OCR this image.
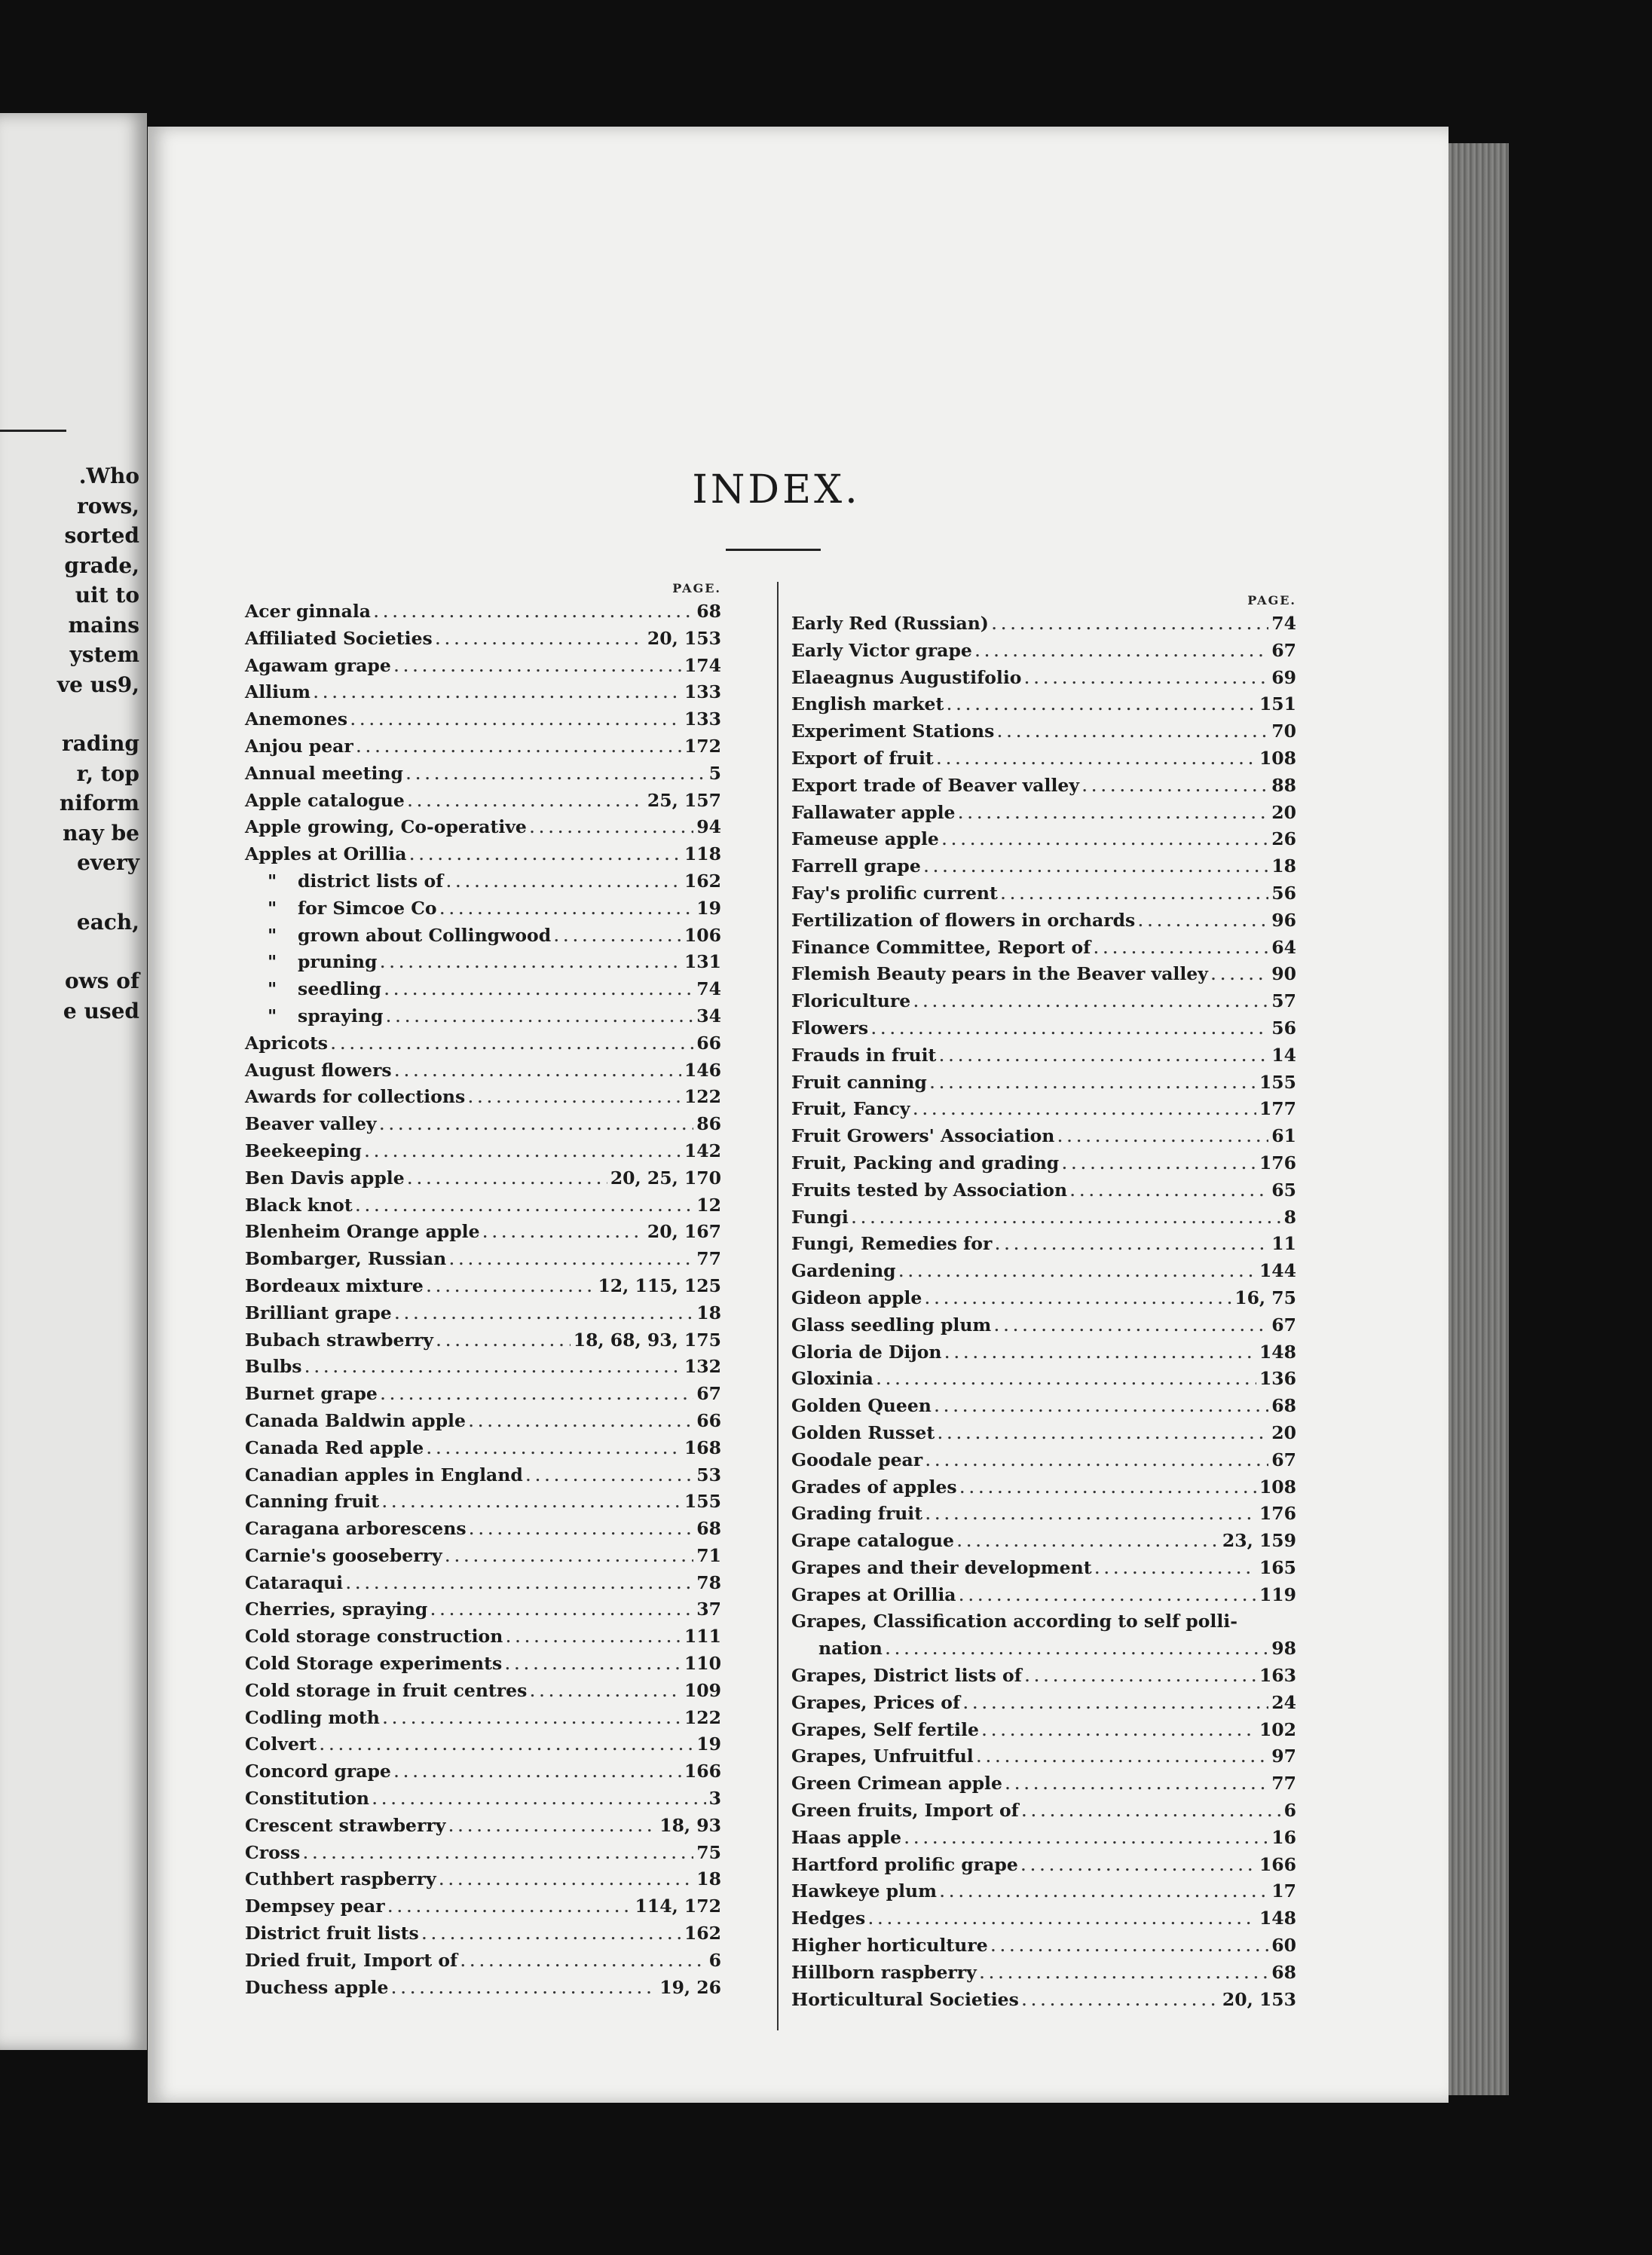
.Who
rows,
sorted
grade,
uit to
mains
ystem
ve us9,
rading
r, top
niform
nay be
every
each,
ows of
e used
INDEX.
PAGE.
Acer ginnala . . .	68
Affiliated Societies . . .	20, 153
Agawam grape . . .	174
Allium . . .	133
Anemones . . .	133
Anjou pear . . .	172
Annual meeting . . .	5
Apple catalogue . . .	25, 157
Apple growing, Co-operative . . .	94
Apples at Orillia . . .	118
" district lists of . . .	162
" for Simcoe Co . . .	19
" grown about Collingwood . . .	106
" pruning . . .	131
" seedling . . .	74
" spraying . . .	34
Apricots . . .	66
August flowers . . .	146
Awards for collections . . .	122
Beaver valley . . .	86
Beekeeping . . .	142
Ben Davis apple . . .	20, 25, 170
Black knot . . .	12
Blenheim Orange apple . . .	20, 167
Bombarger, Russian . . .	77
Bordeaux mixture . . .	12, 115, 125
Brilliant grape . . .	18
Bubach strawberry . . .	18, 68, 93, 175
Bulbs . . .	132
Burnet grape . . .	67
Canada Baldwin apple . . .	66
Canada Red apple . . .	168
Canadian apples in England . . .	53
Canning fruit . . .	155
Caragana arborescens . . .	68
Carnie's gooseberry . . .	71
Cataraqui . . .	78
Cherries, spraying . . .	37
Cold storage construction . . .	111
Cold Storage experiments . . .	110
Cold storage in fruit centres . . .	109
Codling moth . . .	122
Colvert . . .	19
Concord grape . . .	166
Constitution . . .	3
Crescent strawberry . . .	18, 93
Cross . . .	75
Cuthbert raspberry . . .	18
Dempsey pear . . .	114, 172
District fruit lists . . .	162
Dried fruit, Import of . . .	6
Duchess apple . . .	19, 26
PAGE.
Early Red (Russian) . . .	74
Early Victor grape . . .	67
Elaeagnus Augustifolio . . .	69
English market . . .	151
Experiment Stations . . .	70
Export of fruit . . .	108
Export trade of Beaver valley . . .	88
Fallawater apple . . .	20
Fameuse apple . . .	26
Farrell grape . . .	18
Fay's prolific current . . .	56
Fertilization of flowers in orchards . . .	96
Finance Committee, Report of . . .	64
Flemish Beauty pears in the Beaver valley . . .	90
Floriculture . . .	57
Flowers . . .	56
Frauds in fruit . . .	14
Fruit canning . . .	155
Fruit, Fancy . . .	177
Fruit Growers' Association . . .	61
Fruit, Packing and grading . . .	176
Fruits tested by Association . . .	65
Fungi . . .	8
Fungi, Remedies for . . .	11
Gardening . . .	144
Gideon apple . . .	16, 75
Glass seedling plum . . .	67
Gloria de Dijon . . .	148
Gloxinia . . .	136
Golden Queen . . .	68
Golden Russet . . .	20
Goodale pear . . .	67
Grades of apples . . .	108
Grading fruit . . .	176
Grape catalogue . . .	23, 159
Grapes and their development . . .	165
Grapes at Orillia . . .	119
Grapes, Classification according to self polli-
nation . . .	98
Grapes, District lists of . . .	163
Grapes, Prices of . . .	24
Grapes, Self fertile . . .	102
Grapes, Unfruitful . . .	97
Green Crimean apple . . .	77
Green fruits, Import of . . .	6
Haas apple . . .	16
Hartford prolific grape . . .	166
Hawkeye plum . . .	17
Hedges . . .	148
Higher horticulture . . .	60
Hillborn raspberry . . .	68
Horticultural Societies . . .	20, 153
